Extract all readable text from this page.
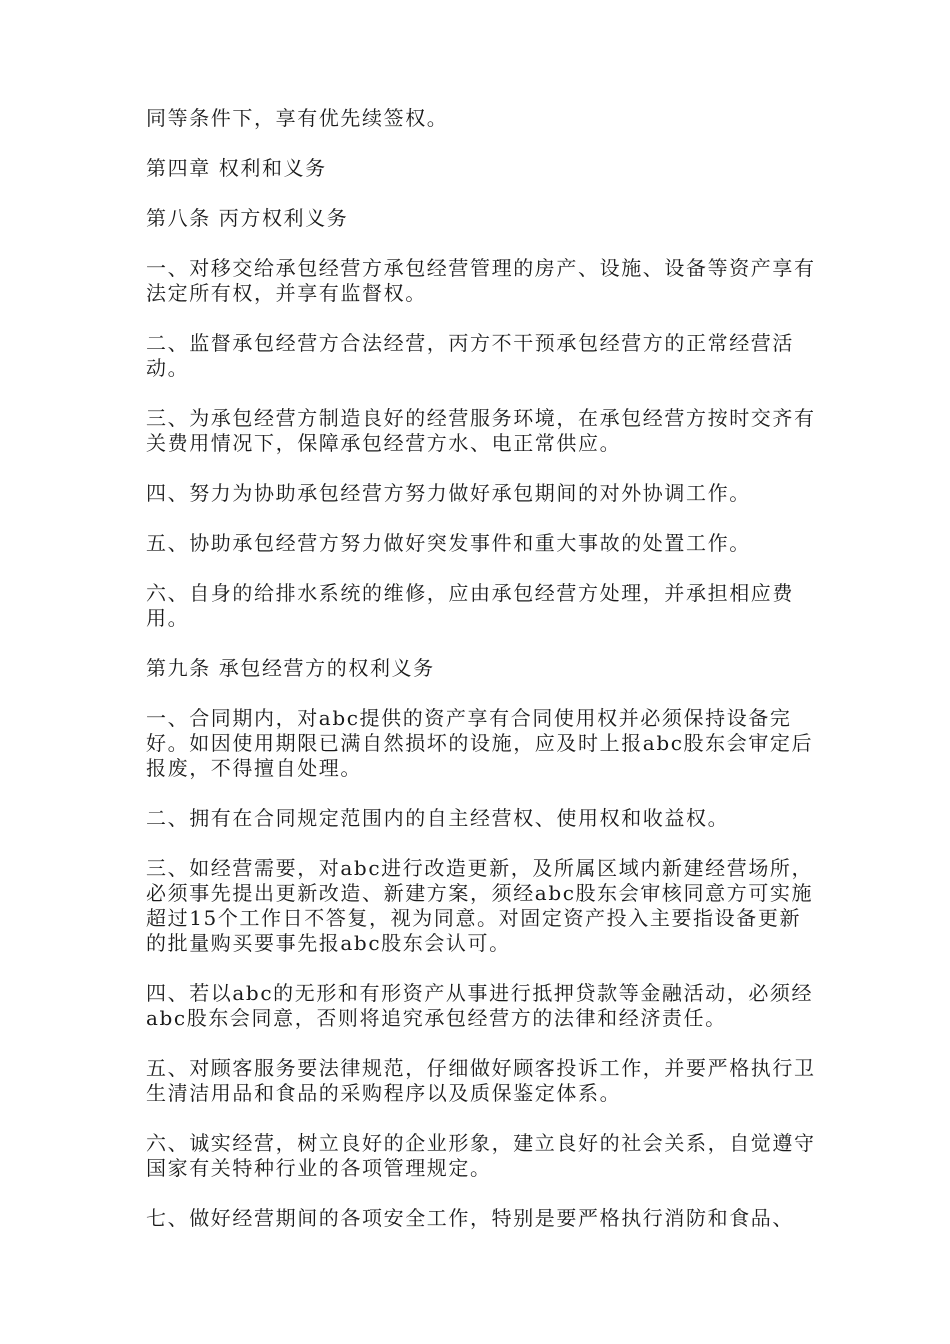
同等条件下，享有优先续签权。

第四章 权利和义务

第八条 丙方权利义务

一、对移交给承包经营方承包经营管理的房产、设施、设备等资产享有法定所有权，并享有监督权。

二、监督承包经营方合法经营，丙方不干预承包经营方的正常经营活动。

三、为承包经营方制造良好的经营服务环境，在承包经营方按时交齐有关费用情况下，保障承包经营方水、电正常供应。

四、努力为协助承包经营方努力做好承包期间的对外协调工作。

五、协助承包经营方努力做好突发事件和重大事故的处置工作。

六、自身的给排水系统的维修，应由承包经营方处理，并承担相应费用。

第九条 承包经营方的权利义务

一、合同期内，对abc提供的资产享有合同使用权并必须保持设备完好。如因使用期限已满自然损坏的设施，应及时上报abc股东会审定后报废，不得擅自处理。

二、拥有在合同规定范围内的自主经营权、使用权和收益权。

三、如经营需要，对abc进行改造更新，及所属区域内新建经营场所，必须事先提出更新改造、新建方案，须经abc股东会审核同意方可实施超过15个工作日不答复，视为同意。对固定资产投入主要指设备更新的批量购买要事先报abc股东会认可。

四、若以abc的无形和有形资产从事进行抵押贷款等金融活动，必须经abc股东会同意，否则将追究承包经营方的法律和经济责任。

五、对顾客服务要法律规范，仔细做好顾客投诉工作，并要严格执行卫生清洁用品和食品的采购程序以及质保鉴定体系。

六、诚实经营，树立良好的企业形象，建立良好的社会关系，自觉遵守国家有关特种行业的各项管理规定。

七、做好经营期间的各项安全工作，特别是要严格执行消防和食品、
